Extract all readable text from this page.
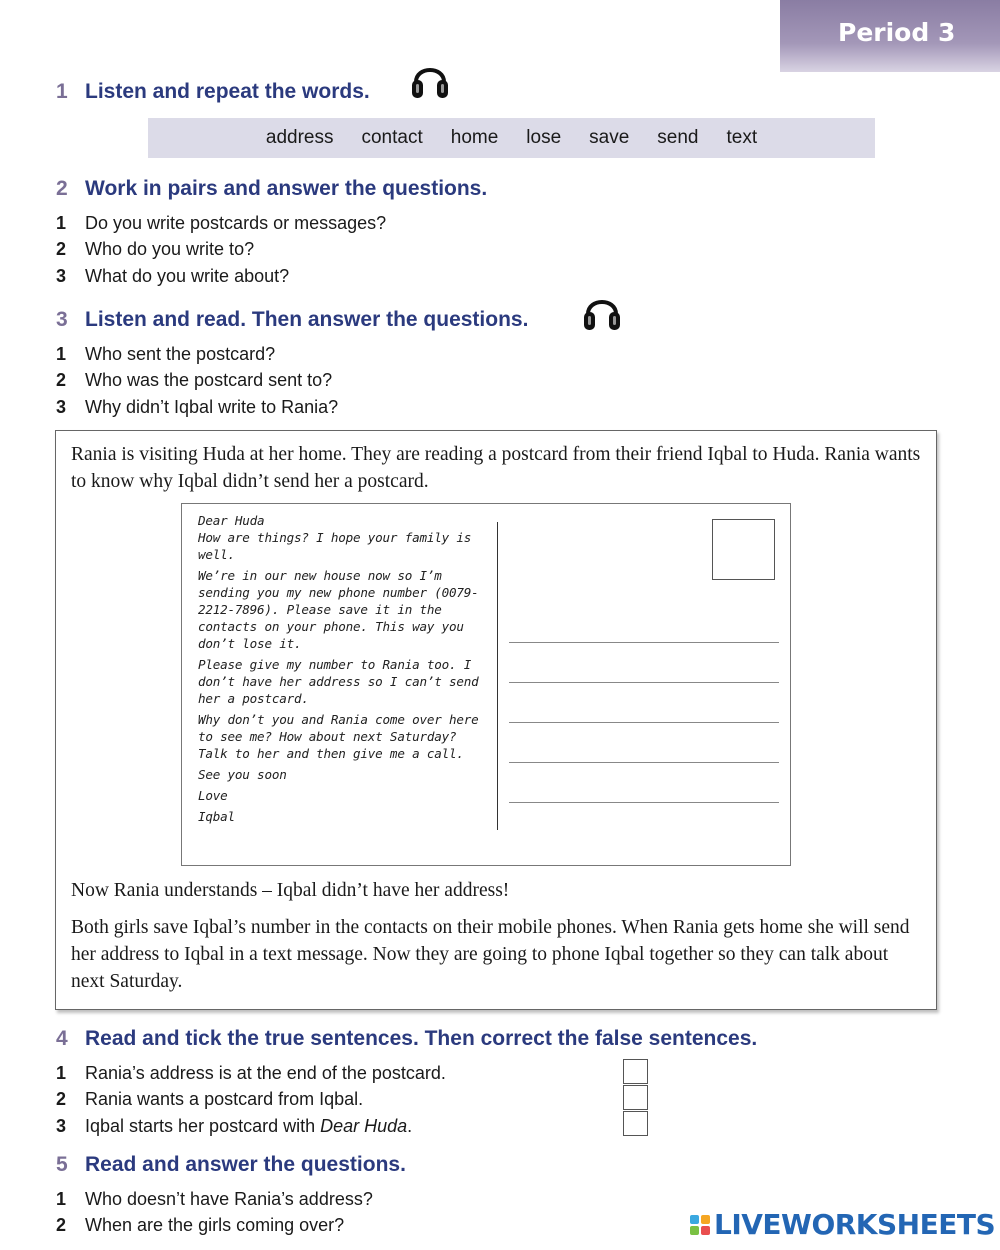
Period 3
1 Listen and repeat the words.
address contact home lose save send text
2 Work in pairs and answer the questions.
1	Do you write postcards or messages?
2	Who do you write to?
3	What do you write about?
3 Listen and read. Then answer the questions.
1	Who sent the postcard?
2	Who was the postcard sent to?
3	Why didn’t Iqbal write to Rania?
Rania is visiting Huda at her home. They are reading a postcard from their friend Iqbal to Huda. Rania wants to know why Iqbal didn’t send her a postcard.
Dear Huda
How are things? I hope your family is well.
We’re in our new house now so I’m sending you my new phone number (0079-2212-7896). Please save it in the contacts on your phone. This way you don’t lose it.
Please give my number to Rania too. I don’t have her address so I can’t send her a postcard.
Why don’t you and Rania come over here to see me? How about next Saturday? Talk to her and then give me a call.
See you soon
Love
Iqbal
Now Rania understands – Iqbal didn’t have her address!
Both girls save Iqbal’s number in the contacts on their mobile phones. When Rania gets home she will send her address to Iqbal in a text message. Now they are going to phone Iqbal together so they can talk about next Saturday.
4 Read and tick the true sentences. Then correct the false sentences.
1	Rania’s address is at the end of the postcard.
2	Rania wants a postcard from Iqbal.
3	Iqbal starts her postcard with Dear Huda.
5 Read and answer the questions.
1	Who doesn’t have Rania’s address?
2	When are the girls coming over?	LIVEWORKSHEETS
